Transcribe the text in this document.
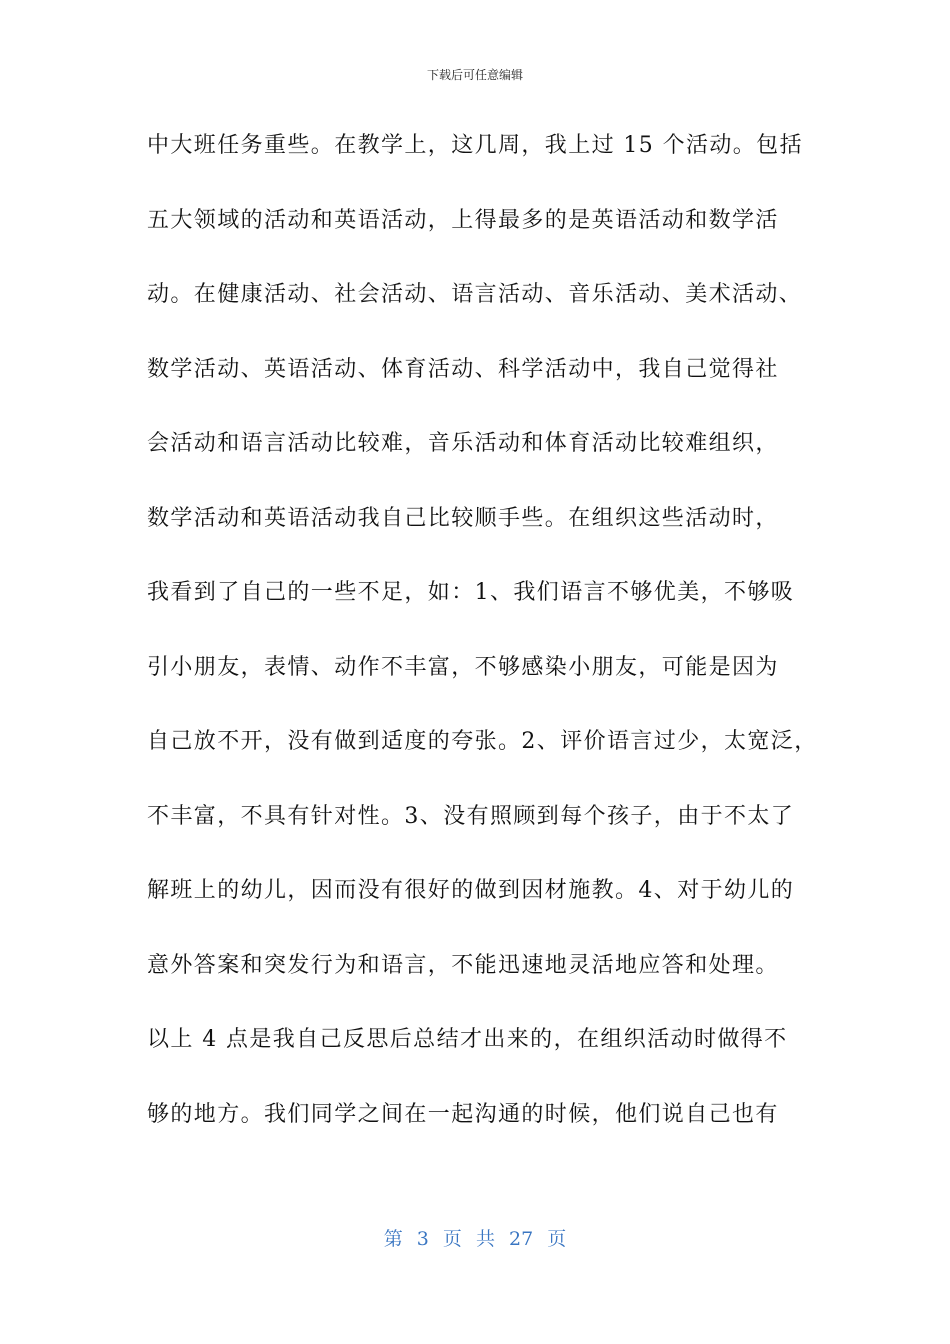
下载后可任意编辑
中大班任务重些。在教学上，这几周，我上过 15 个活动。包括
五大领域的活动和英语活动，上得最多的是英语活动和数学活
动。在健康活动、社会活动、语言活动、音乐活动、美术活动、
数学活动、英语活动、体育活动、科学活动中，我自己觉得社
会活动和语言活动比较难，音乐活动和体育活动比较难组织，
数学活动和英语活动我自己比较顺手些。在组织这些活动时，
我看到了自己的一些不足，如：1、我们语言不够优美，不够吸
引小朋友，表情、动作不丰富，不够感染小朋友，可能是因为
自己放不开，没有做到适度的夸张。2、评价语言过少，太宽泛，
不丰富，不具有针对性。3、没有照顾到每个孩子，由于不太了
解班上的幼儿，因而没有很好的做到因材施教。4、对于幼儿的
意外答案和突发行为和语言，不能迅速地灵活地应答和处理。
以上 4 点是我自己反思后总结才出来的，在组织活动时做得不
够的地方。我们同学之间在一起沟通的时候，他们说自己也有
第 3 页 共 27 页
